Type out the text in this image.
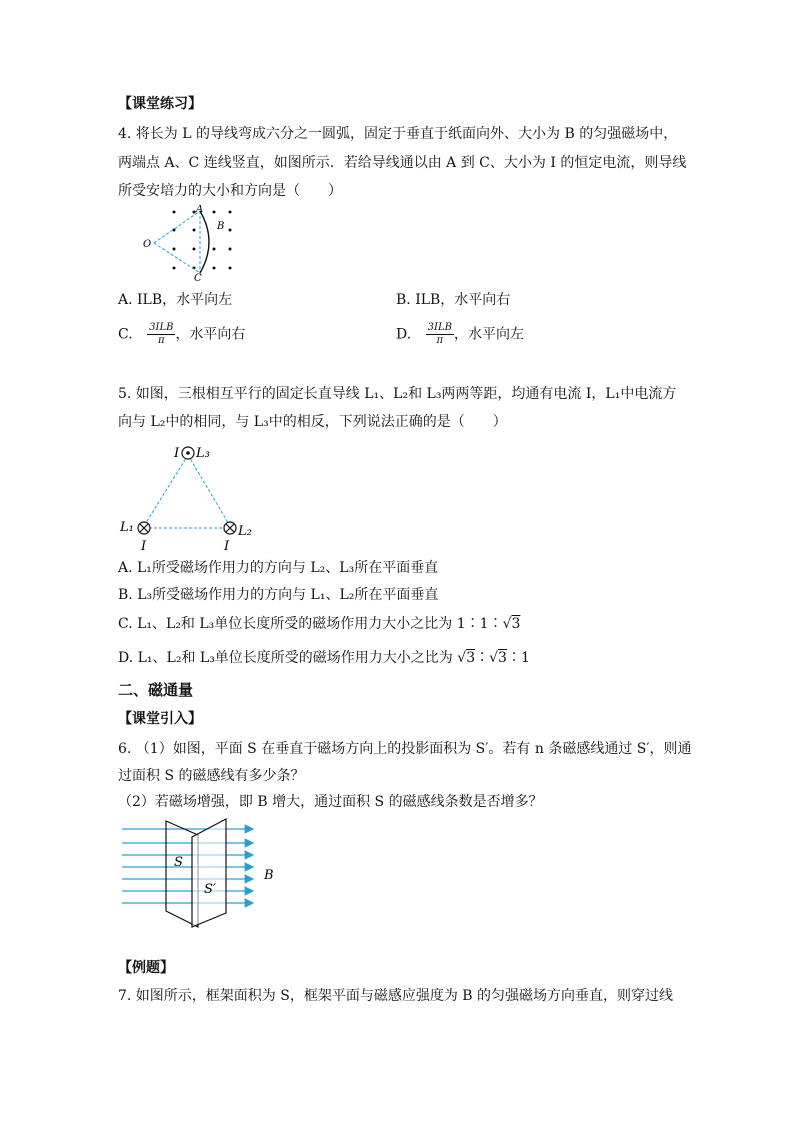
【课堂练习】
4. 将长为 L 的导线弯成六分之一圆弧，固定于垂直于纸面向外、大小为 B 的匀强磁场中，
两端点 A、C 连线竖直，如图所示．若给导线通以由 A 到 C、大小为 I 的恒定电流，则导线
所受安培力的大小和方向是（　　）
A
B
O
C
A. ILB，水平向左	B. ILB，水平向右
C. $\frac{\text{3ILB}}{\pi}$ ，水平向右	D. $\frac{\text{3ILB}}{\pi}$ ，水平向左
5. 如图，三根相互平行的固定长直导线 L₁、L₂和 L₃两两等距，均通有电流 I，L₁中电流方
向与 L₂中的相同，与 L₃中的相反，下列说法正确的是（　　）
I L₃
L₁	L₂
I	I
A. L₁所受磁场作用力的方向与 L₂、L₃所在平面垂直
B. L₃所受磁场作用力的方向与 L₁、L₂所在平面垂直
C. L₁、L₂和 L₃单位长度所受的磁场作用力大小之比为 1∶1∶√3
D. L₁、L₂和 L₃单位长度所受的磁场作用力大小之比为 √3∶√3∶1
二、磁通量
【课堂引入】
6. （1）如图，平面 S 在垂直于磁场方向上的投影面积为 S′。若有 n 条磁感线通过 S′，则通
过面积 S 的磁感线有多少条？
（2）若磁场增强，即 B 增大，通过面积 S 的磁感线条数是否增多？
S
S′
B
【例题】
7. 如图所示，框架面积为 S，框架平面与磁感应强度为 B 的匀强磁场方向垂直，则穿过线
